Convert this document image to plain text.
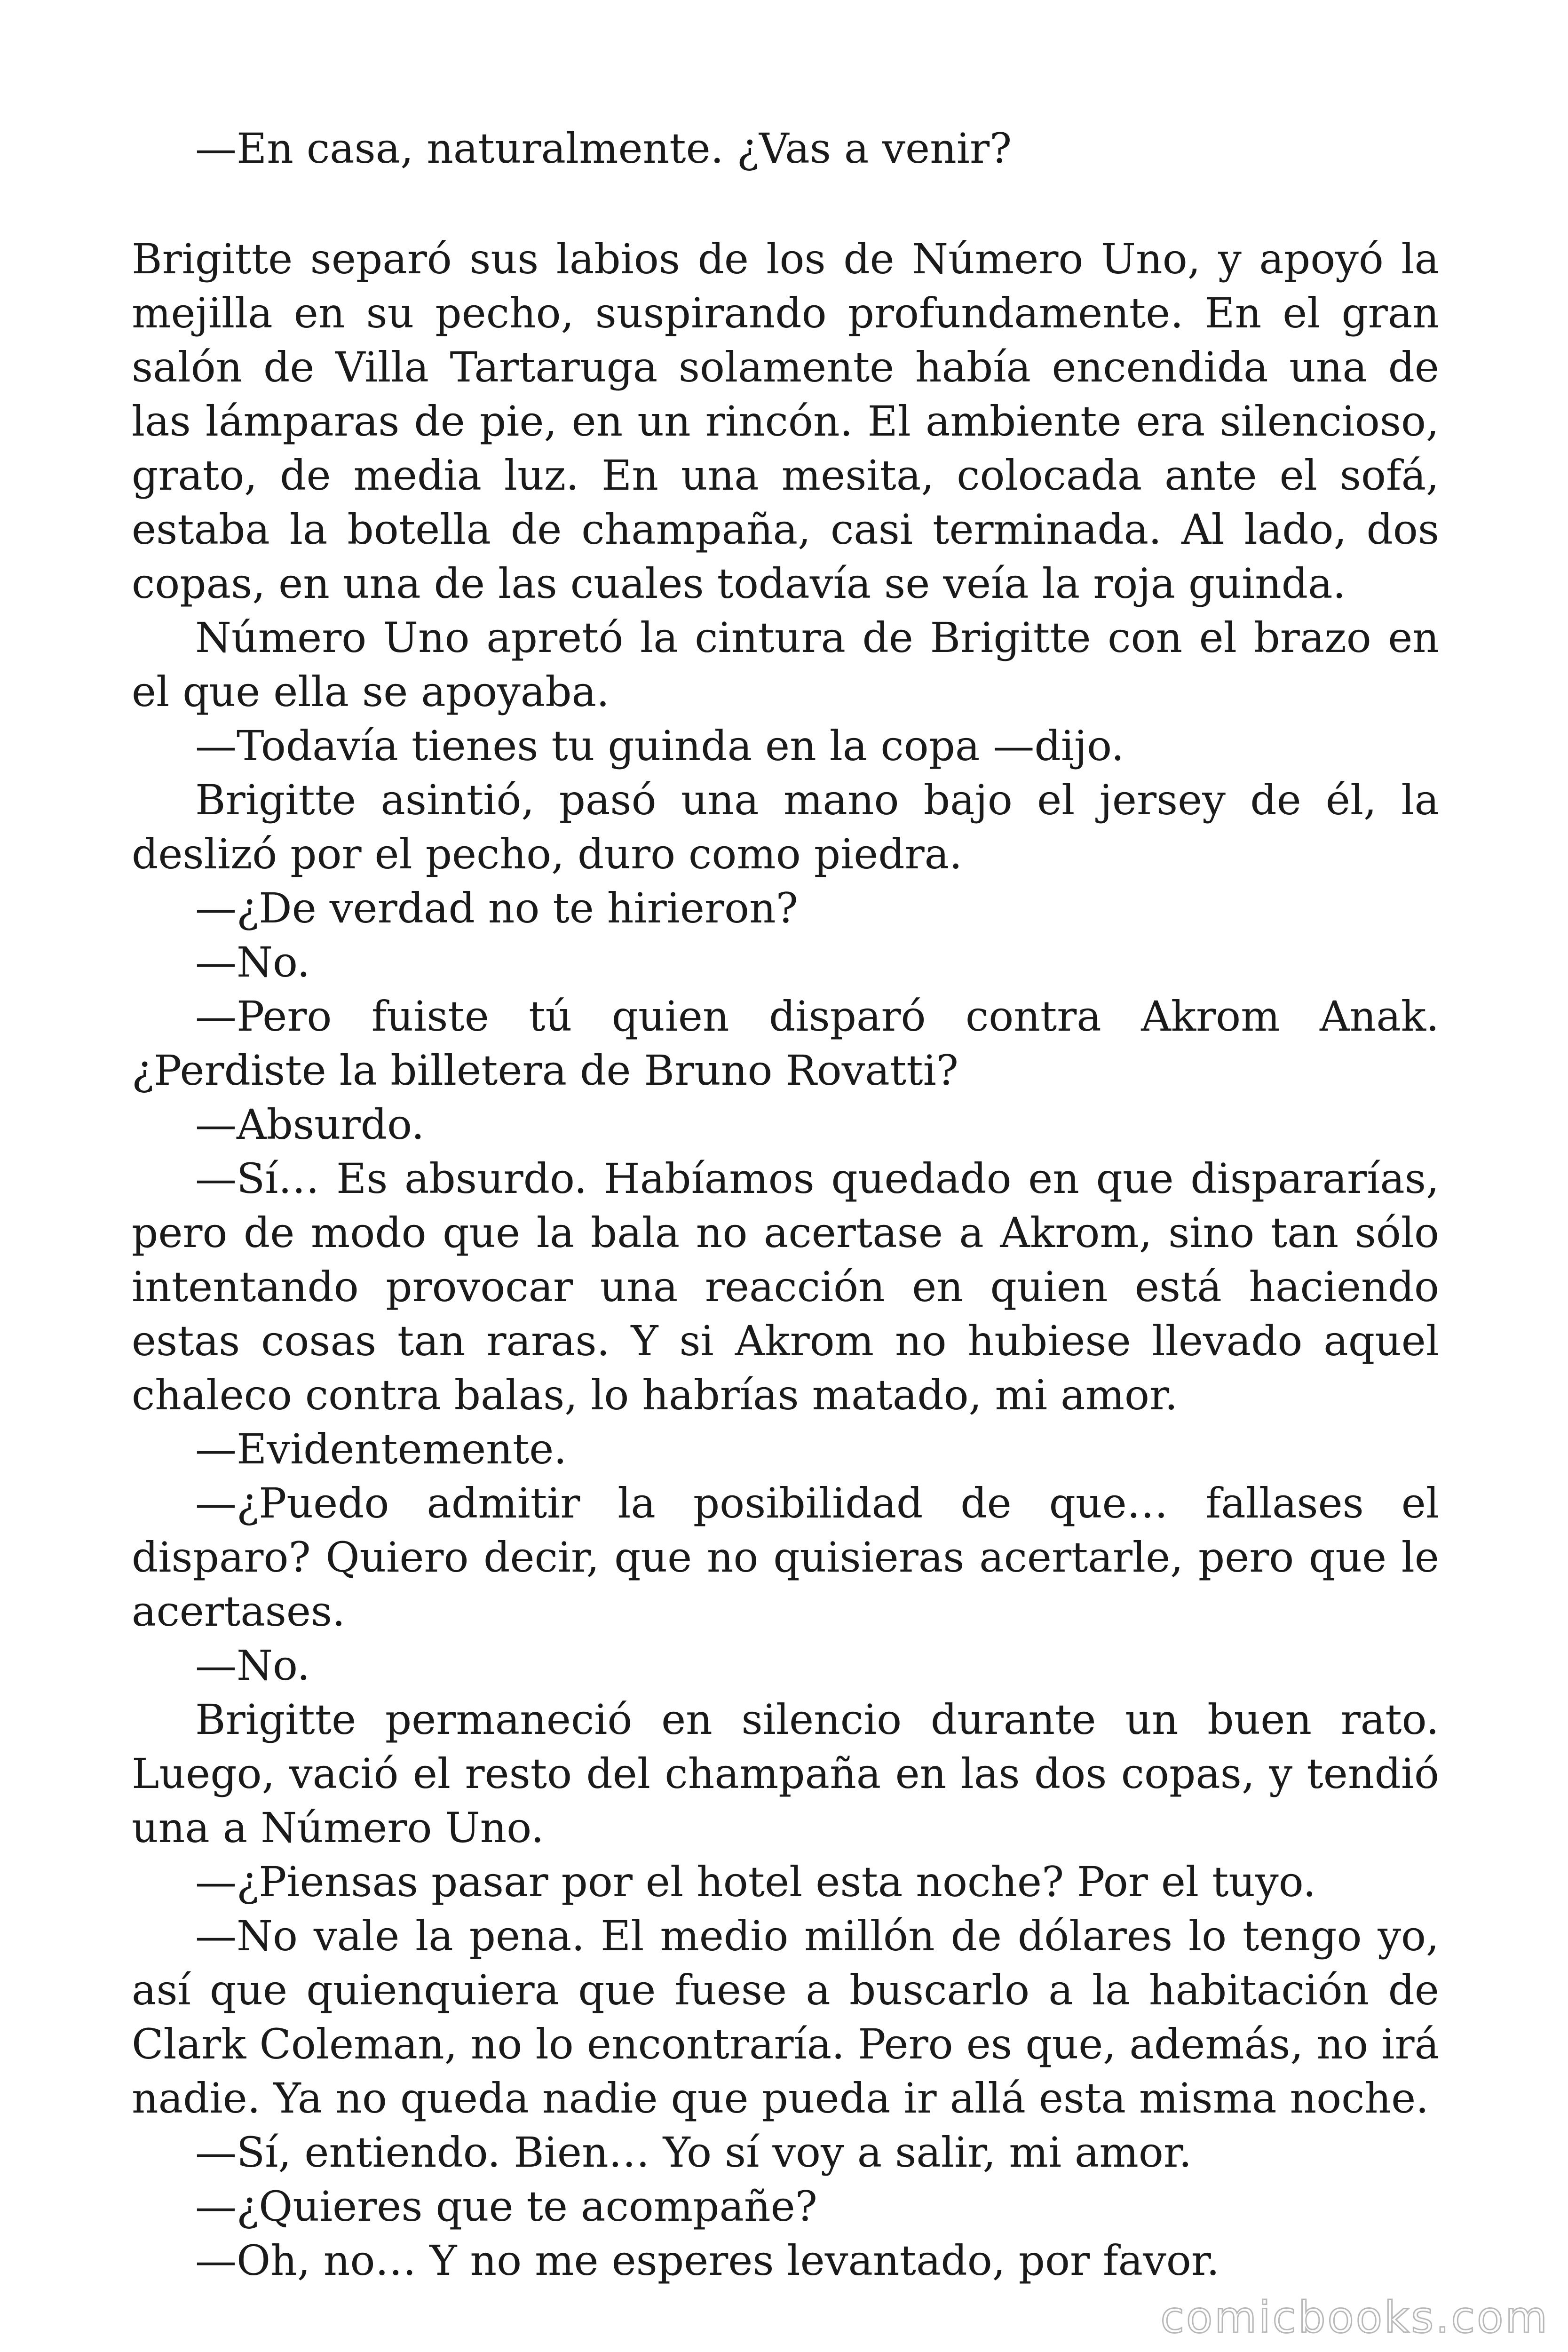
—En casa, naturalmente. ¿Vas a venir?

Brigitte separó sus labios de los de Número Uno, y apoyó la mejilla en su pecho, suspirando profundamente. En el gran salón de Villa Tartaruga solamente había encendida una de las lámparas de pie, en un rincón. El ambiente era silencioso, grato, de media luz. En una mesita, colocada ante el sofá, estaba la botella de champaña, casi terminada. Al lado, dos copas, en una de las cuales todavía se veía la roja guinda.

Número Uno apretó la cintura de Brigitte con el brazo en el que ella se apoyaba.

—Todavía tienes tu guinda en la copa —dijo.

Brigitte asintió, pasó una mano bajo el jersey de él, la deslizó por el pecho, duro como piedra.

—¿De verdad no te hirieron?

—No.

—Pero fuiste tú quien disparó contra Akrom Anak. ¿Perdiste la billetera de Bruno Rovatti?

—Absurdo.

—Sí… Es absurdo. Habíamos quedado en que dispararías, pero de modo que la bala no acertase a Akrom, sino tan sólo intentando provocar una reacción en quien está haciendo estas cosas tan raras. Y si Akrom no hubiese llevado aquel chaleco contra balas, lo habrías matado, mi amor.

—Evidentemente.

—¿Puedo admitir la posibilidad de que… fallases el disparo? Quiero decir, que no quisieras acertarle, pero que le acertases.

—No.

Brigitte permaneció en silencio durante un buen rato. Luego, vació el resto del champaña en las dos copas, y tendió una a Número Uno.

—¿Piensas pasar por el hotel esta noche? Por el tuyo.

—No vale la pena. El medio millón de dólares lo tengo yo, así que quienquiera que fuese a buscarlo a la habitación de Clark Coleman, no lo encontraría. Pero es que, además, no irá nadie. Ya no queda nadie que pueda ir allá esta misma noche.

—Sí, entiendo. Bien… Yo sí voy a salir, mi amor.

—¿Quieres que te acompañe?

—Oh, no… Y no me esperes levantado, por favor.

comicbooks.com
